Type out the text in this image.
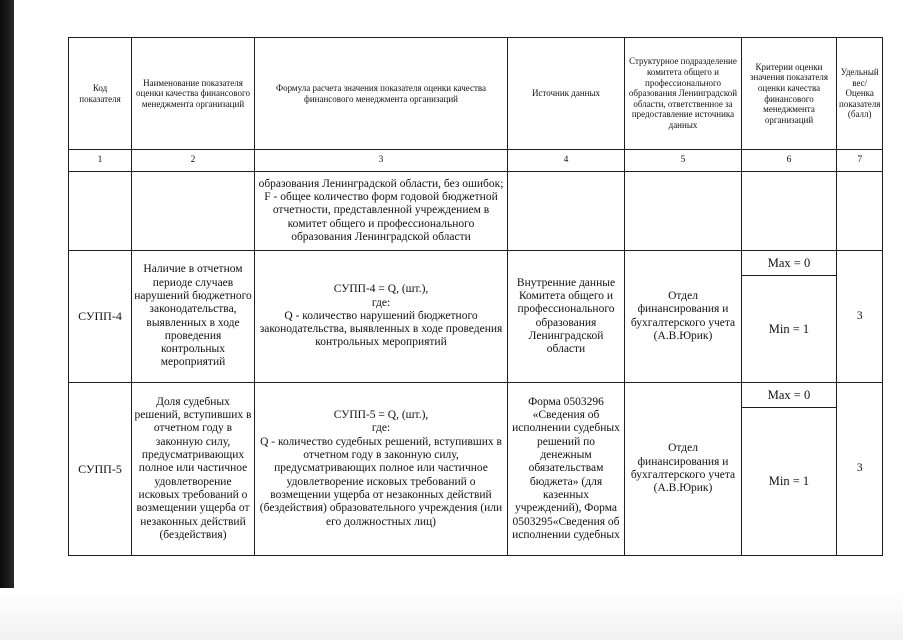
Код показателя	Наименование показателя оценки качества финансового менеджмента организаций	Формула расчета значения показателя оценки качества финансового менеджмента организаций	Источник данных	Структурное подразделение комитета общего и профессионального образования Ленинградской области, ответственное за предоставление источника данных	Критерии оценки значения показателя оценки качества финансового менеджмента организаций	Удельный вес/Оценка показателя (балл)
1	2	3	4	5	6	7
		образования Ленинградской области, без ошибок;
F - общее количество форм годовой бюджетной отчетности, представленной учреждением в комитет общего и профессионального образования Ленинградской области				
СУПП-4	Наличие в отчетном периоде случаев нарушений бюджетного законодательства, выявленных в ходе проведения контрольных мероприятий	СУПП-4 = Q, (шт.),
где:
Q - количество нарушений бюджетного законодательства, выявленных в ходе проведения контрольных мероприятий	Внутренние данные Комитета общего и профессионального образования Ленинградской области	Отдел финансирования и бухгалтерского учета (А.В.Юрик)	Max = 0	3
					Min = 1	
СУПП-5	Доля судебных решений, вступивших в отчетном году в законную силу, предусматривающих полное или частичное удовлетворение исковых требований о возмещении ущерба от незаконных действий (бездействия)	СУПП-5 = Q, (шт.),
где:
Q - количество судебных решений, вступивших в отчетном году в законную силу, предусматривающих полное или частичное удовлетворение исковых требований о возмещении ущерба от незаконных действий (бездействия) образовательного учреждения (или его должностных лиц)	Форма 0503296 «Сведения об исполнении судебных решений по денежным обязательствам бюджета» (для казенных учреждений), Форма 0503295«Сведения об исполнении судебных	Отдел финансирования и бухгалтерского учета (А.В.Юрик)	Max = 0	3
					Min = 1	
